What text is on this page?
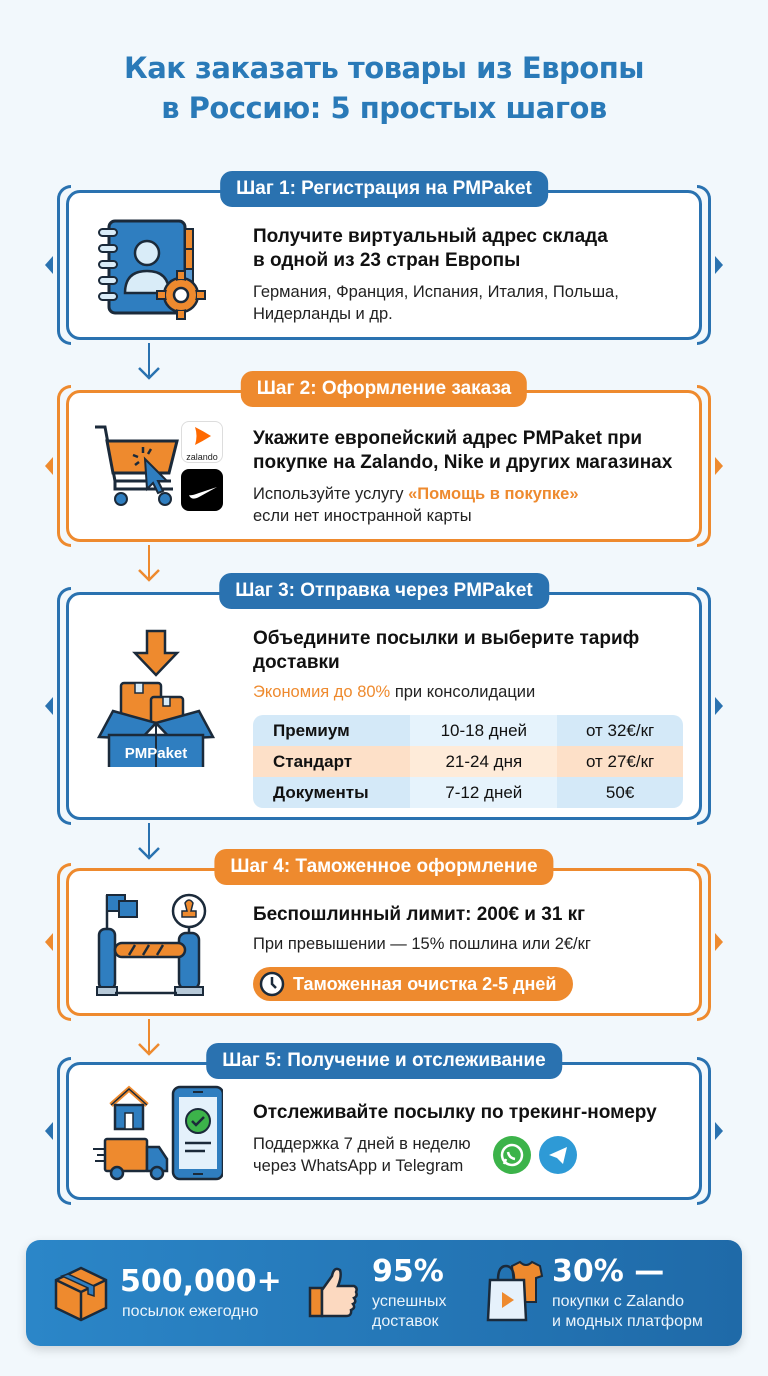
Как заказать товары из Европы
в Россию: 5 простых шагов
Шаг 1: Регистрация на PMPaket
Получите виртуальный адрес склада
в одной из 23 стран Европы
Германия, Франция, Испания, Италия, Польша, Нидерланды и др.
Шаг 2: Оформление заказа
zalando
Укажите европейский адрес PMPaket при покупке на Zalando, Nike и других магазинах
Используйте услугу «Помощь в покупке»
если нет иностранной карты
Шаг 3: Отправка через PMPaket
PMPaket
Объедините посылки и выберите тариф доставки
Экономия до 80% при консолидации
Премиум	10-18 дней	от 32€/кг
Стандарт	21-24 дня	от 27€/кг
Документы	7-12 дней	50€
Шаг 4: Таможенное оформление
Беспошлинный лимит: 200€ и 31 кг
При превышении — 15% пошлина или 2€/кг
Таможенная очистка 2-5 дней
Шаг 5: Получение и отслеживание
Отслеживайте посылку по трекинг-номеру
Поддержка 7 дней в неделю
через WhatsApp и Telegram
500,000+
посылок ежегодно
95%
успешных
доставок
30% —
покупки с Zalando
и модных платформ
